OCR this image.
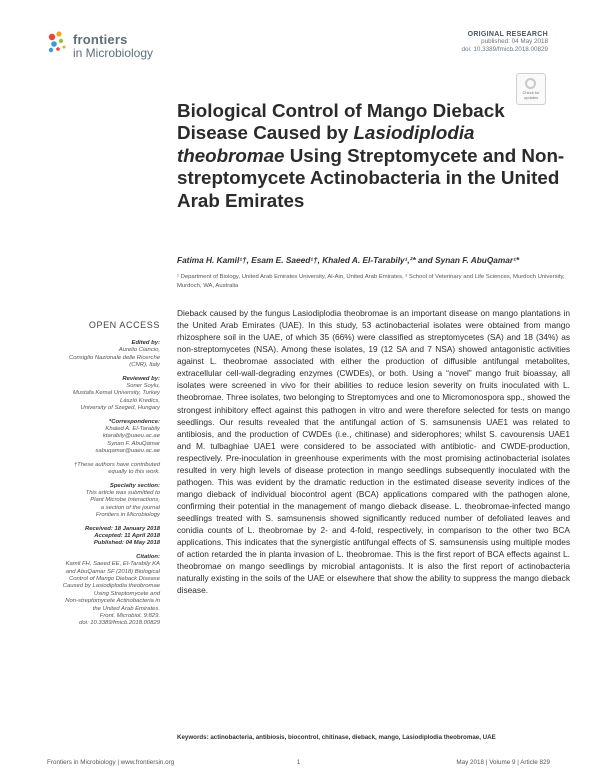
frontiers
in Microbiology
ORIGINAL RESEARCH
published: 04 May 2018
doi: 10.3389/fmicb.2018.00829
Check for
updates
Biological Control of Mango Dieback Disease Caused by Lasiodiplodia theobromae Using Streptomycete and Non-streptomycete Actinobacteria in the United Arab Emirates
Fatima H. Kamil¹†, Esam E. Saeed¹†, Khaled A. El-Tarabily¹,²* and Synan F. AbuQamar¹*
¹ Department of Biology, United Arab Emirates University, Al-Ain, United Arab Emirates, ² School of Veterinary and Life Sciences, Murdoch University, Murdoch, WA, Australia
OPEN ACCESS
Edited by:
Aurelio Ciancio,
Consiglio Nazionale delle Ricerche
(CNR), Italy
Reviewed by:
Soner Soylu,
Mustafa Kemal University, Turkey
László Kredics,
University of Szeged, Hungary
*Correspondence:
Khaled A. El-Tarabily
ktarabily@uaeu.ac.ae
Synan F. AbuQamar
sabuqamar@uaeu.ac.ae
†These authors have contributed
equally to this work.
Specialty section:
This article was submitted to
Plant Microbe Interactions,
a section of the journal
Frontiers in Microbiology
Received: 18 January 2018
Accepted: 11 April 2018
Published: 04 May 2018
Citation:
Kamil FH, Saeed EE, El-Tarabily KA
and AbuQamar SF (2018) Biological
Control of Mango Dieback Disease
Caused by Lasiodiplodia theobromae
Using Streptomycete and
Non-streptomycete Actinobacteria in
the United Arab Emirates.
Front. Microbiol. 9:829.
doi: 10.3389/fmicb.2018.00829
Dieback caused by the fungus Lasiodiplodia theobromae is an important disease on mango plantations in the United Arab Emirates (UAE). In this study, 53 actinobacterial isolates were obtained from mango rhizosphere soil in the UAE, of which 35 (66%) were classified as streptomycetes (SA) and 18 (34%) as non-streptomycetes (NSA). Among these isolates, 19 (12 SA and 7 NSA) showed antagonistic activities against L. theobromae associated with either the production of diffusible antifungal metabolites, extracellular cell-wall-degrading enzymes (CWDEs), or both. Using a “novel” mango fruit bioassay, all isolates were screened in vivo for their abilities to reduce lesion severity on fruits inoculated with L. theobromae. Three isolates, two belonging to Streptomyces and one to Micromonospora spp., showed the strongest inhibitory effect against this pathogen in vitro and were therefore selected for tests on mango seedlings. Our results revealed that the antifungal action of S. samsunensis UAE1 was related to antibiosis, and the production of CWDEs (i.e., chitinase) and siderophores; whilst S. cavourensis UAE1 and M. tulbaghiae UAE1 were considered to be associated with antibiotic- and CWDE-production, respectively. Pre-inoculation in greenhouse experiments with the most promising actinobacterial isolates resulted in very high levels of disease protection in mango seedlings subsequently inoculated with the pathogen. This was evident by the dramatic reduction in the estimated disease severity indices of the mango dieback of individual biocontrol agent (BCA) applications compared with the pathogen alone, confirming their potential in the management of mango dieback disease. L. theobromae-infected mango seedlings treated with S. samsunensis showed significantly reduced number of defoliated leaves and conidia counts of L. theobromae by 2- and 4-fold, respectively, in comparison to the other two BCA applications. This indicates that the synergistic antifungal effects of S. samsunensis using multiple modes of action retarded the in planta invasion of L. theobromae. This is the first report of BCA effects against L. theobromae on mango seedlings by microbial antagonists. It is also the first report of actinobacteria naturally existing in the soils of the UAE or elsewhere that show the ability to suppress the mango dieback disease.
Keywords: actinobacteria, antibiosis, biocontrol, chitinase, dieback, mango, Lasiodiplodia theobromae, UAE
Frontiers in Microbiology | www.frontiersin.org	1	May 2018 | Volume 9 | Article 829
